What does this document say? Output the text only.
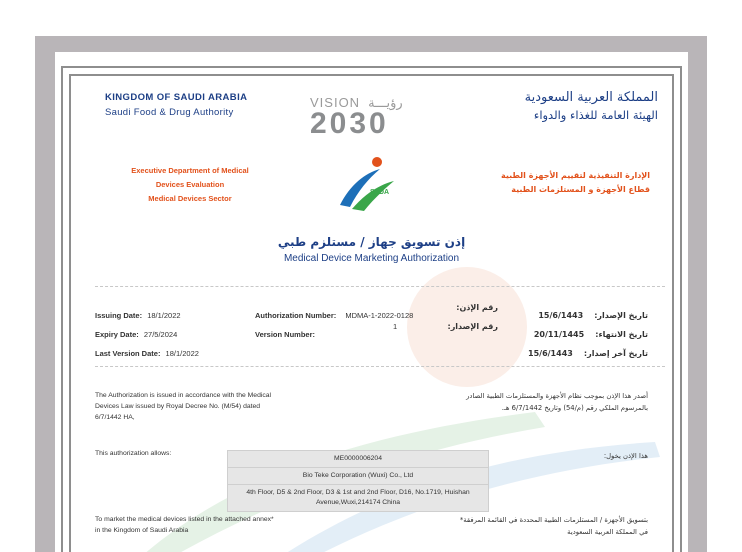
KINGDOM OF SAUDI ARABIA
Saudi Food & Drug Authority
المملكة العربية السعودية
الهيئة العامة للغذاء والدواء
VISION رؤيـــة
2030
Executive Department of Medical
Devices Evaluation
Medical Devices Sector
SFDA
الإدارة التنفيذية لتقييم الأجهزة الطبية
قطاع الأجهزة و المستلزمات الطبية
إذن تسويق جهاز / مستلزم طبي
Medical Device Marketing Authorization
Issuing Date: 18/1/2022
Expiry Date: 27/5/2024
Last Version Date: 18/1/2022
Authorization Number: MDMA-1-2022-0128
Version Number:
1
رقم الإذن:
رقم الإصدار:
تاريخ الإصدار: 15/6/1443
تاريخ الانتهاء: 20/11/1445
تاريخ آخر إصدار: 15/6/1443
The Authorization is issued in accordance with the Medical
Devices Law issued by Royal Decree No. (M/54) dated
6/7/1442 HA,
أصدر هذا الإذن بموجب نظام الأجهزة والمستلزمات الطبية الصادر
بالمرسوم الملكي رقم (م/54) وتاريخ 6/7/1442 هـ.
This authorization allows:	هذا الإذن يخول:
ME0000006204
Bio Teke Corporation (Wuxi) Co., Ltd
4th Floor, D5 & 2nd Floor, D3 & 1st and 2nd Floor, D16, No.1719, Huishan
Avenue,Wuxi,214174 China
To market the medical devices listed in the attached annex*
in the Kingdom of Saudi Arabia
بتسويق الأجهزة / المستلزمات الطبية المحددة في القائمة المرفقة*
في المملكة العربية السعودية
